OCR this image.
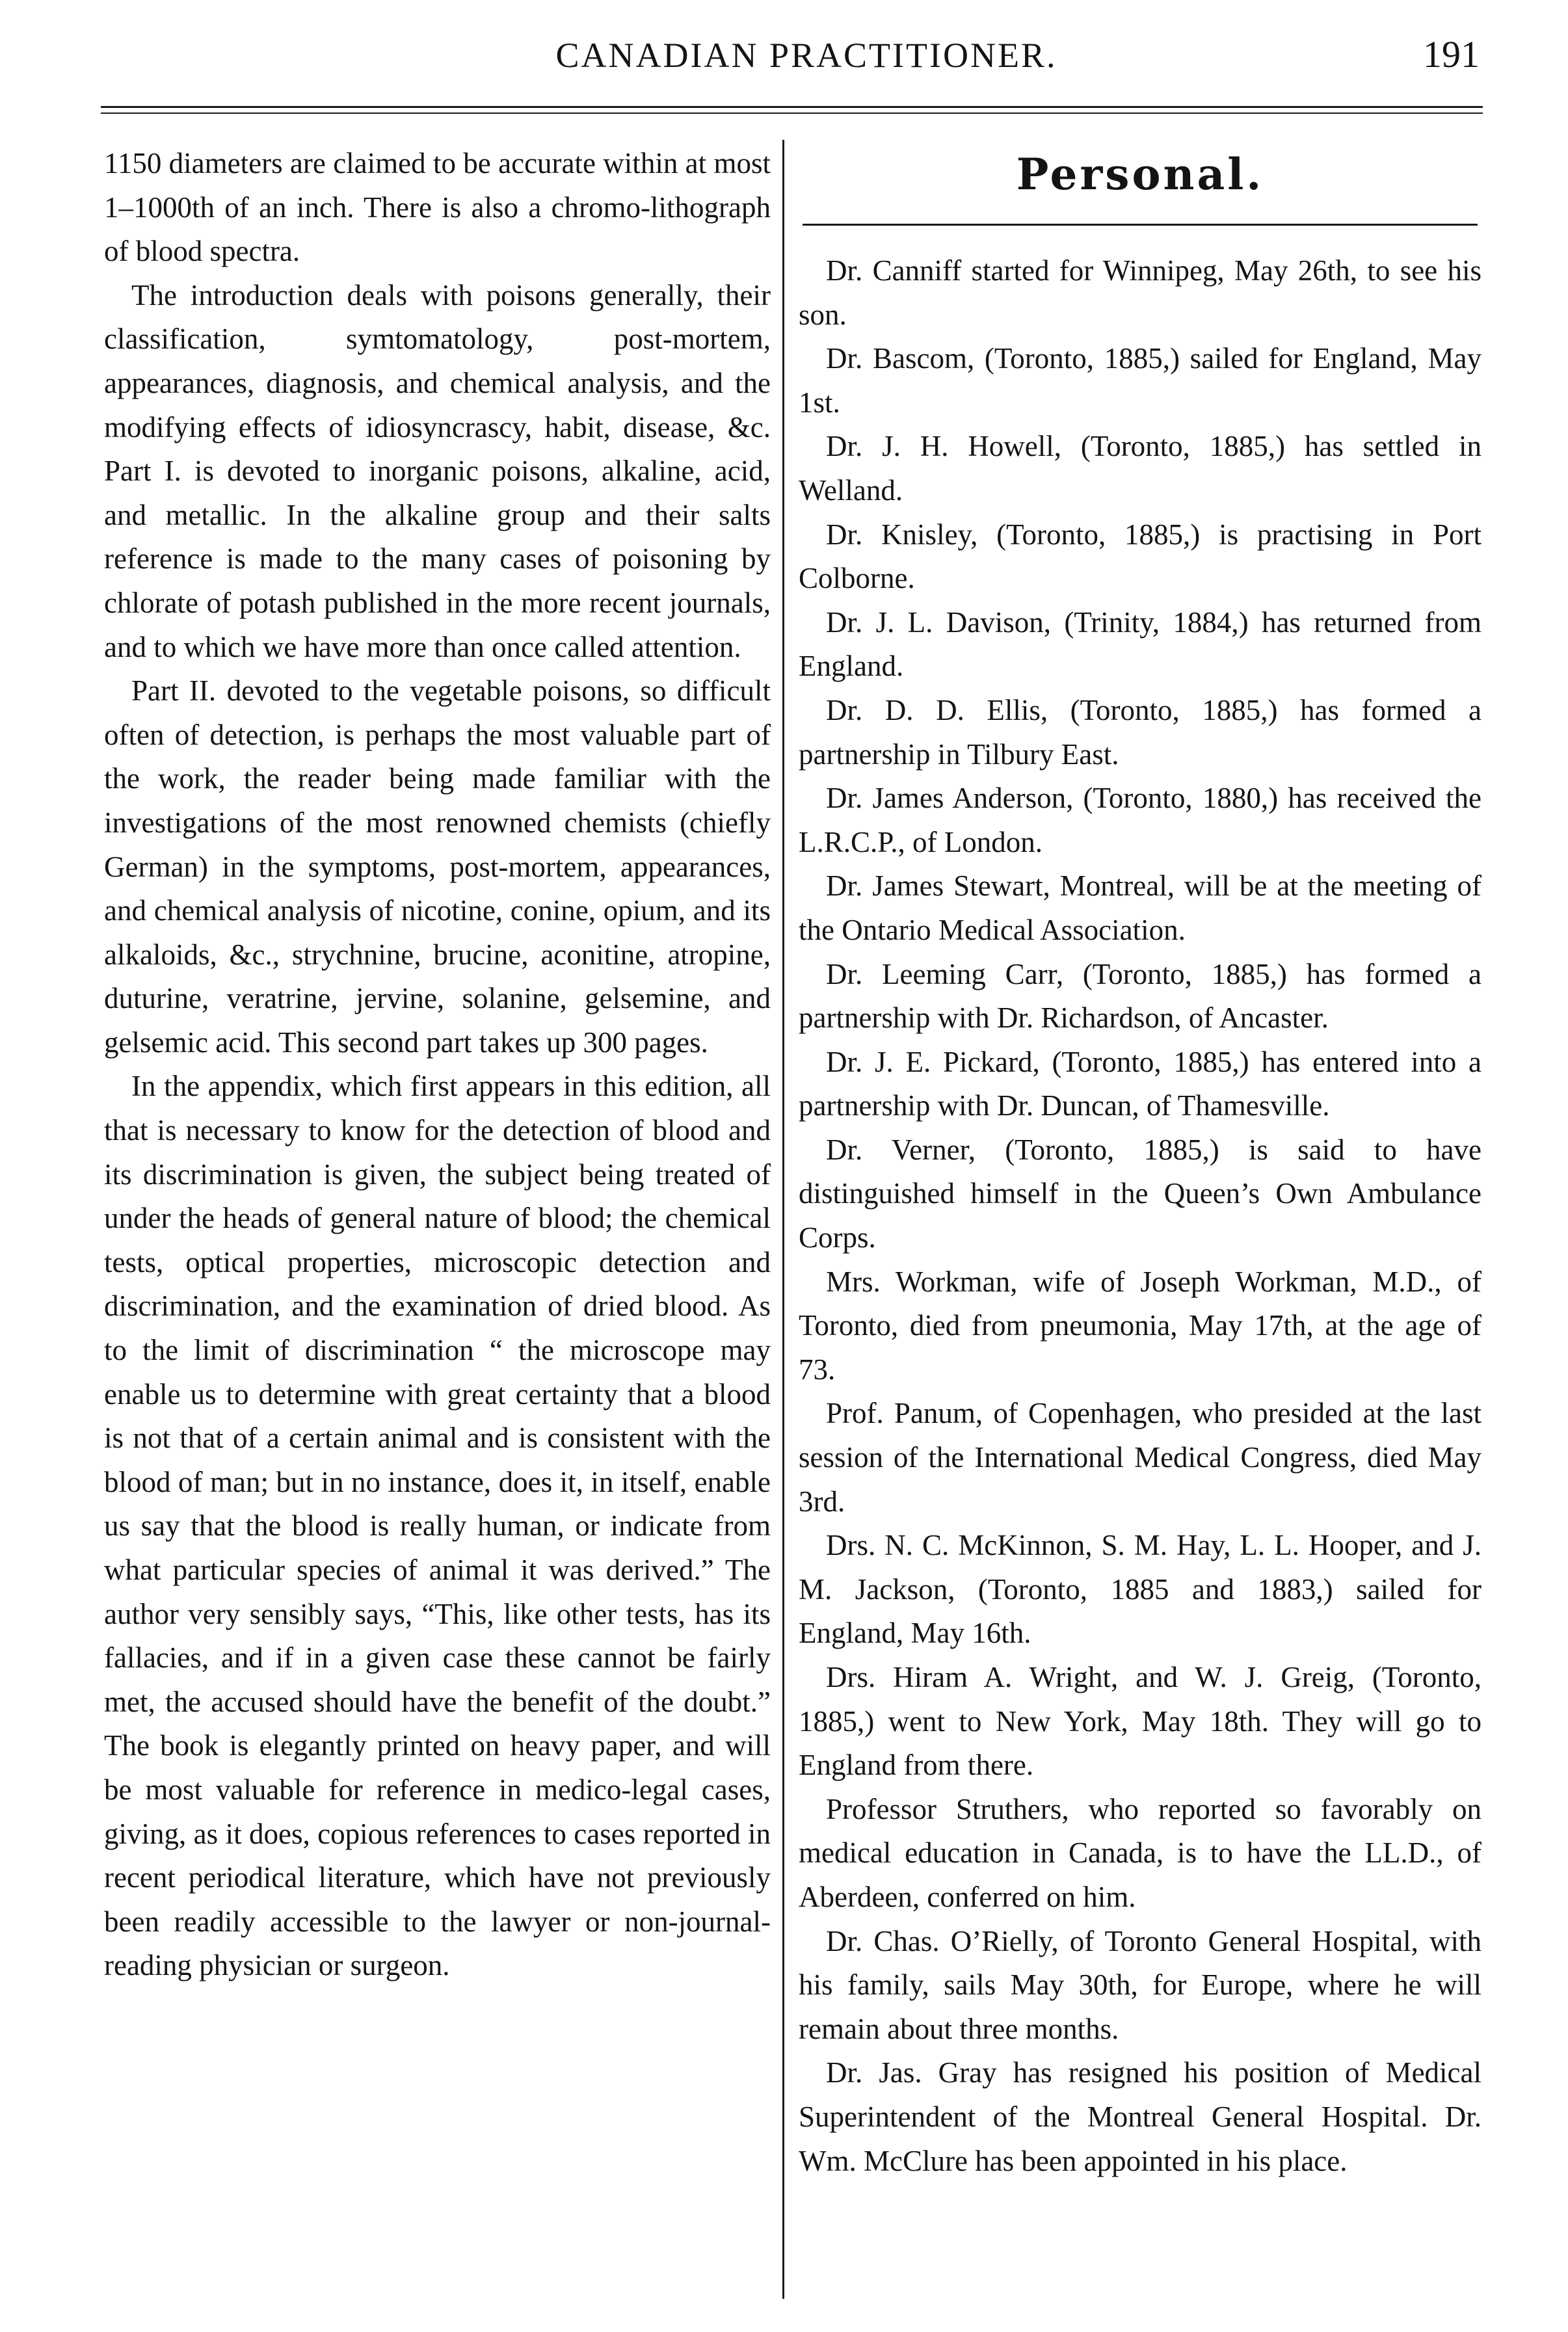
CANADIAN PRACTITIONER.	191

1150 diameters are claimed to be accurate within at most 1–1000th of an inch. There is also a chromo-lithograph of blood spectra.

The introduction deals with poisons generally, their classification, symtomatology, post-mortem, appearances, diagnosis, and chemical analysis, and the modifying effects of idiosyncrascy, habit, disease, &c. Part I. is devoted to inorganic poisons, alkaline, acid, and metallic. In the alkaline group and their salts reference is made to the many cases of poisoning by chlorate of potash published in the more recent journals, and to which we have more than once called attention.

Part II. devoted to the vegetable poisons, so difficult often of detection, is perhaps the most valuable part of the work, the reader being made familiar with the investigations of the most renowned chemists (chiefly German) in the symptoms, post-mortem, appearances, and chemical analysis of nicotine, conine, opium, and its alkaloids, &c., strychnine, brucine, aconitine, atropine, duturine, veratrine, jervine, solanine, gelsemine, and gelsemic acid. This second part takes up 300 pages.

In the appendix, which first appears in this edition, all that is necessary to know for the detection of blood and its discrimination is given, the subject being treated of under the heads of general nature of blood; the chemical tests, optical properties, microscopic detection and discrimination, and the examination of dried blood. As to the limit of discrimination “ the microscope may enable us to determine with great certainty that a blood is not that of a certain animal and is consistent with the blood of man; but in no instance, does it, in itself, enable us say that the blood is really human, or indicate from what particular species of animal it was derived.” The author very sensibly says, “This, like other tests, has its fallacies, and if in a given case these cannot be fairly met, the accused should have the benefit of the doubt.” The book is elegantly printed on heavy paper, and will be most valuable for reference in medico-legal cases, giving, as it does, copious references to cases reported in recent periodical literature, which have not previously been readily accessible to the lawyer or non-journal-reading physician or surgeon.

Personal.

Dr. Canniff started for Winnipeg, May 26th, to see his son.

Dr. Bascom, (Toronto, 1885,) sailed for England, May 1st.

Dr. J. H. Howell, (Toronto, 1885,) has settled in Welland.

Dr. Knisley, (Toronto, 1885,) is practising in Port Colborne.

Dr. J. L. Davison, (Trinity, 1884,) has returned from England.

Dr. D. D. Ellis, (Toronto, 1885,) has formed a partnership in Tilbury East.

Dr. James Anderson, (Toronto, 1880,) has received the L.R.C.P., of London.

Dr. James Stewart, Montreal, will be at the meeting of the Ontario Medical Association.

Dr. Leeming Carr, (Toronto, 1885,) has formed a partnership with Dr. Richardson, of Ancaster.

Dr. J. E. Pickard, (Toronto, 1885,) has entered into a partnership with Dr. Duncan, of Thamesville.

Dr. Verner, (Toronto, 1885,) is said to have distinguished himself in the Queen’s Own Ambulance Corps.

Mrs. Workman, wife of Joseph Workman, M.D., of Toronto, died from pneumonia, May 17th, at the age of 73.

Prof. Panum, of Copenhagen, who presided at the last session of the International Medical Congress, died May 3rd.

Drs. N. C. McKinnon, S. M. Hay, L. L. Hooper, and J. M. Jackson, (Toronto, 1885 and 1883,) sailed for England, May 16th.

Drs. Hiram A. Wright, and W. J. Greig, (Toronto, 1885,) went to New York, May 18th. They will go to England from there.

Professor Struthers, who reported so favorably on medical education in Canada, is to have the LL.D., of Aberdeen, conferred on him.

Dr. Chas. O’Rielly, of Toronto General Hospital, with his family, sails May 30th, for Europe, where he will remain about three months.

Dr. Jas. Gray has resigned his position of Medical Superintendent of the Montreal General Hospital. Dr. Wm. McClure has been appointed in his place.
